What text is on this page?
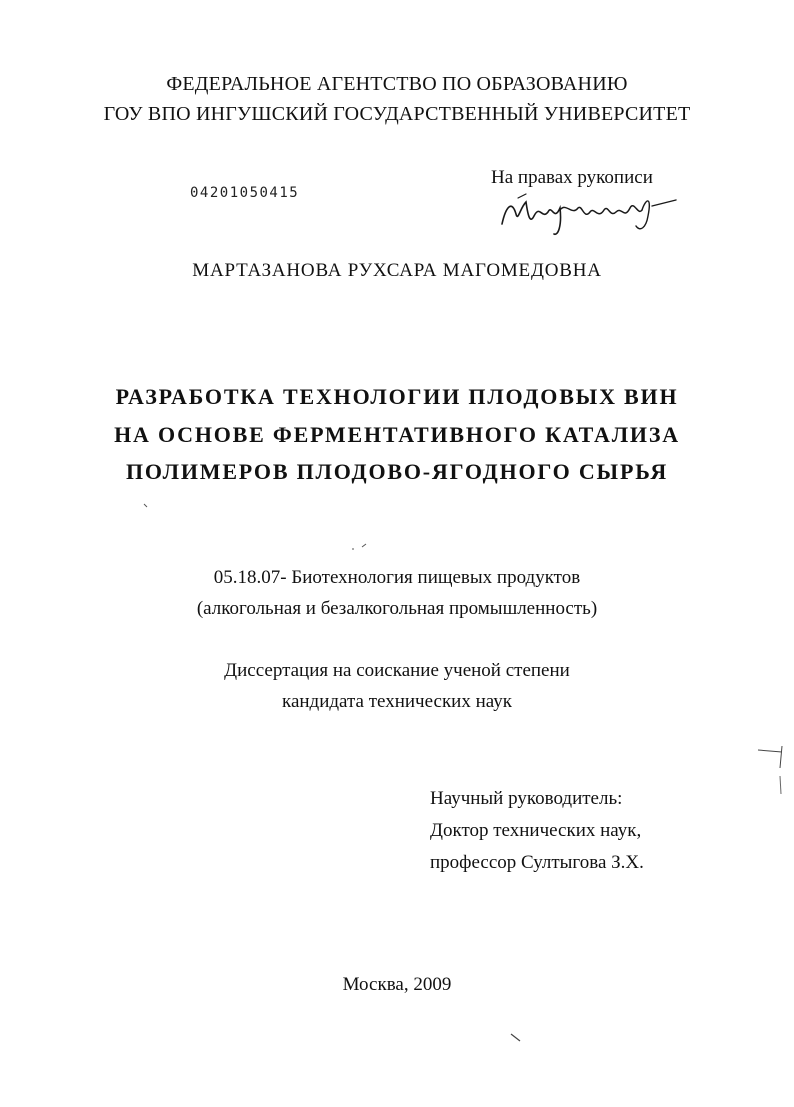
ФЕДЕРАЛЬНОЕ АГЕНТСТВО ПО ОБРАЗОВАНИЮ
ГОУ ВПО ИНГУШСКИЙ ГОСУДАРСТВЕННЫЙ УНИВЕРСИТЕТ
04201050415
На правах рукописи
МАРТАЗАНОВА РУХСАРА МАГОМЕДОВНА
РАЗРАБОТКА ТЕХНОЛОГИИ ПЛОДОВЫХ ВИН
НА ОСНОВЕ ФЕРМЕНТАТИВНОГО КАТАЛИЗА
ПОЛИМЕРОВ ПЛОДОВО-ЯГОДНОГО СЫРЬЯ
05.18.07- Биотехнология пищевых продуктов
(алкогольная и безалкогольная промышленность)
Диссертация на соискание ученой степени
кандидата технических наук
Научный руководитель:
Доктор технических наук,
профессор Султыгова З.Х.
Москва, 2009
